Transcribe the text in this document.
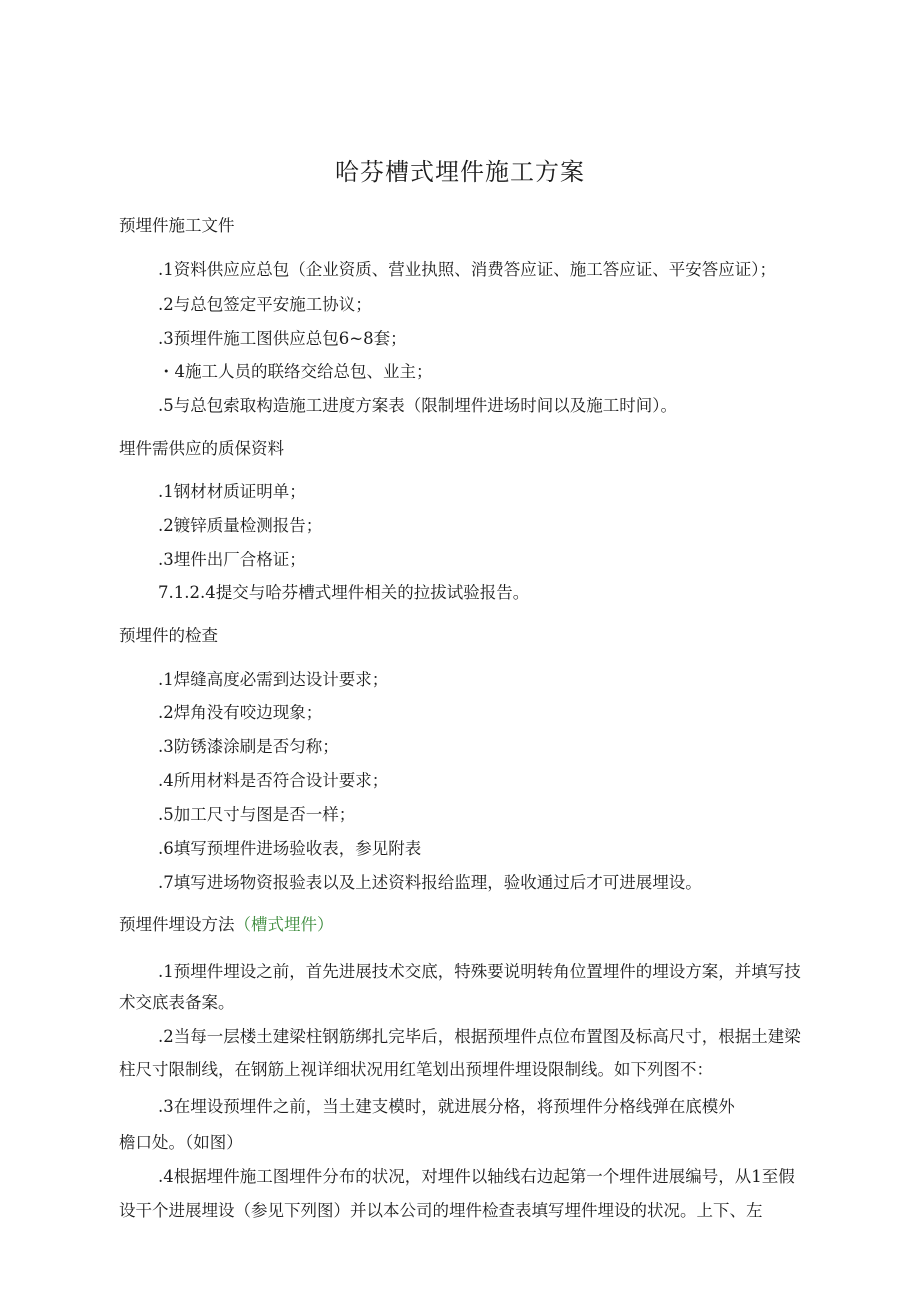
哈芬槽式埋件施工方案
预埋件施工文件
.1资料供应应总包（企业资质、营业执照、消费答应证、施工答应证、平安答应证）；
.2与总包签定平安施工协议；
.3预埋件施工图供应总包6~8套；
・4施工人员的联络交给总包、业主；
.5与总包索取构造施工进度方案表（限制埋件进场时间以及施工时间）。
埋件需供应的质保资料
.1钢材材质证明单；
.2镀锌质量检测报告；
.3埋件出厂合格证；
7.1.2.4提交与哈芬槽式埋件相关的拉拔试验报告。
预埋件的检查
.1焊缝高度必需到达设计要求；
.2焊角没有咬边现象；
.3防锈漆涂刷是否匀称；
.4所用材料是否符合设计要求；
.5加工尺寸与图是否一样；
.6填写预埋件进场验收表，参见附表
.7填写进场物资报验表以及上述资料报给监理，验收通过后才可进展埋设。
预埋件埋设方法（槽式埋件）
.1预埋件埋设之前，首先进展技术交底，特殊要说明转角位置埋件的埋设方案，并填写技
术交底表备案。
.2当每一层楼土建梁柱钢筋绑扎完毕后，根据预埋件点位布置图及标高尺寸，根据土建梁
柱尺寸限制线，在钢筋上视详细状况用红笔划出预埋件埋设限制线。如下列图不：
.3在埋设预埋件之前，当土建支模时，就进展分格，将预埋件分格线弹在底模外
檐口处。（如图）
.4根据埋件施工图埋件分布的状况，对埋件以轴线右边起第一个埋件进展编号，从1至假
设干个进展埋设（参见下列图）并以本公司的埋件检查表填写埋件埋设的状况。上下、左
